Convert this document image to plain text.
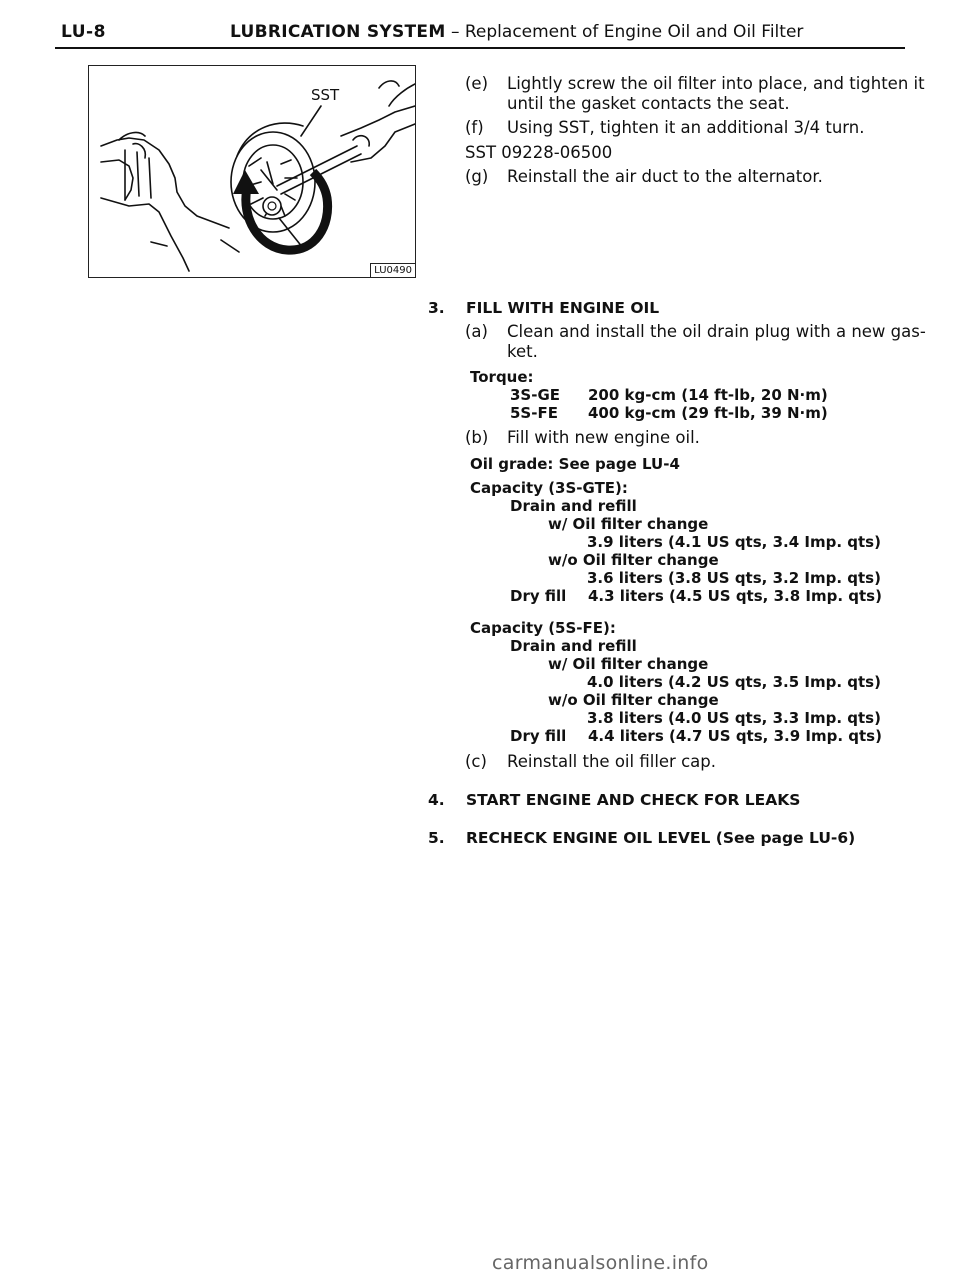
LU-8	LUBRICATION SYSTEM – Replacement of Engine Oil and Oil Filter
SST
LU0490
(e) Lightly screw the oil filter into place, and tighten it
until the gasket contacts the seat.
(f) Using SST, tighten it an additional 3/4 turn.
SST 09228-06500
(g) Reinstall the air duct to the alternator.
3. FILL WITH ENGINE OIL
(a) Clean and install the oil drain plug with a new gas-
ket.
Torque:
3S-GE 200 kg-cm (14 ft-lb, 20 N·m)
5S-FE 400 kg-cm (29 ft-lb, 39 N·m)
(b) Fill with new engine oil.
Oil grade: See page LU-4
Capacity (3S-GTE):
Drain and refill
w/ Oil filter change
3.9 liters (4.1 US qts, 3.4 Imp. qts)
w/o Oil filter change
3.6 liters (3.8 US qts, 3.2 Imp. qts)
Dry fill 4.3 liters (4.5 US qts, 3.8 Imp. qts)
Capacity (5S-FE):
Drain and refill
w/ Oil filter change
4.0 liters (4.2 US qts, 3.5 Imp. qts)
w/o Oil filter change
3.8 liters (4.0 US qts, 3.3 Imp. qts)
Dry fill 4.4 liters (4.7 US qts, 3.9 Imp. qts)
(c) Reinstall the oil filler cap.
4. START ENGINE AND CHECK FOR LEAKS
5. RECHECK ENGINE OIL LEVEL (See page LU-6)
carmanualsonline.info
